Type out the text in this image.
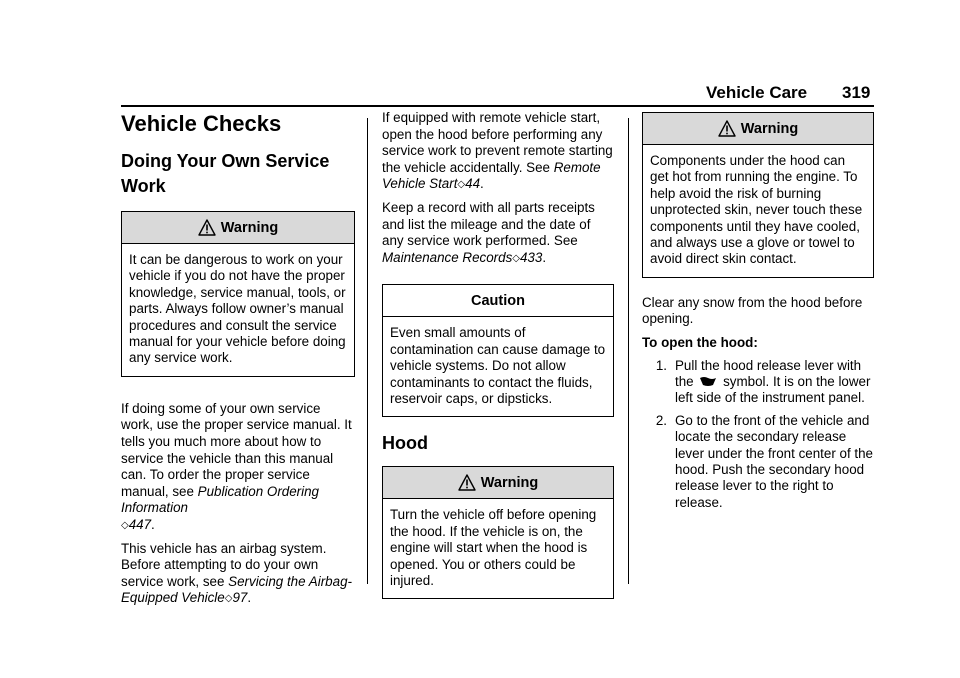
Vehicle Care 319
Vehicle Checks
Doing Your Own Service Work
Warning
It can be dangerous to work on your vehicle if you do not have the proper knowledge, service manual, tools, or parts. Always follow owner’s manual procedures and consult the service manual for your vehicle before doing any service work.

If doing some of your own service work, use the proper service manual. It tells you much more about how to service the vehicle than this manual can. To order the proper service manual, see Publication Ordering Information
◇447.

This vehicle has an airbag system. Before attempting to do your own service work, see Servicing the Airbag-Equipped Vehicle◇97.

If equipped with remote vehicle start, open the hood before performing any service work to prevent remote starting the vehicle accidentally. See Remote Vehicle Start◇44.

Keep a record with all parts receipts and list the mileage and the date of any service work performed. See Maintenance Records◇433.

Caution
Even small amounts of contamination can cause damage to vehicle systems. Do not allow contaminants to contact the fluids, reservoir caps, or dipsticks.
Hood
Warning
Turn the vehicle off before opening the hood. If the vehicle is on, the engine will start when the hood is opened. You or others could be injured.
Warning
Components under the hood can get hot from running the engine. To help avoid the risk of burning unprotected skin, never touch these components until they have cooled, and always use a glove or towel to avoid direct skin contact.

Clear any snow from the hood before opening.

To open the hood:

1. Pull the hood release lever with the symbol. It is on the lower left side of the instrument panel.
2. Go to the front of the vehicle and locate the secondary release lever under the front center of the hood. Push the secondary hood release lever to the right to release.
